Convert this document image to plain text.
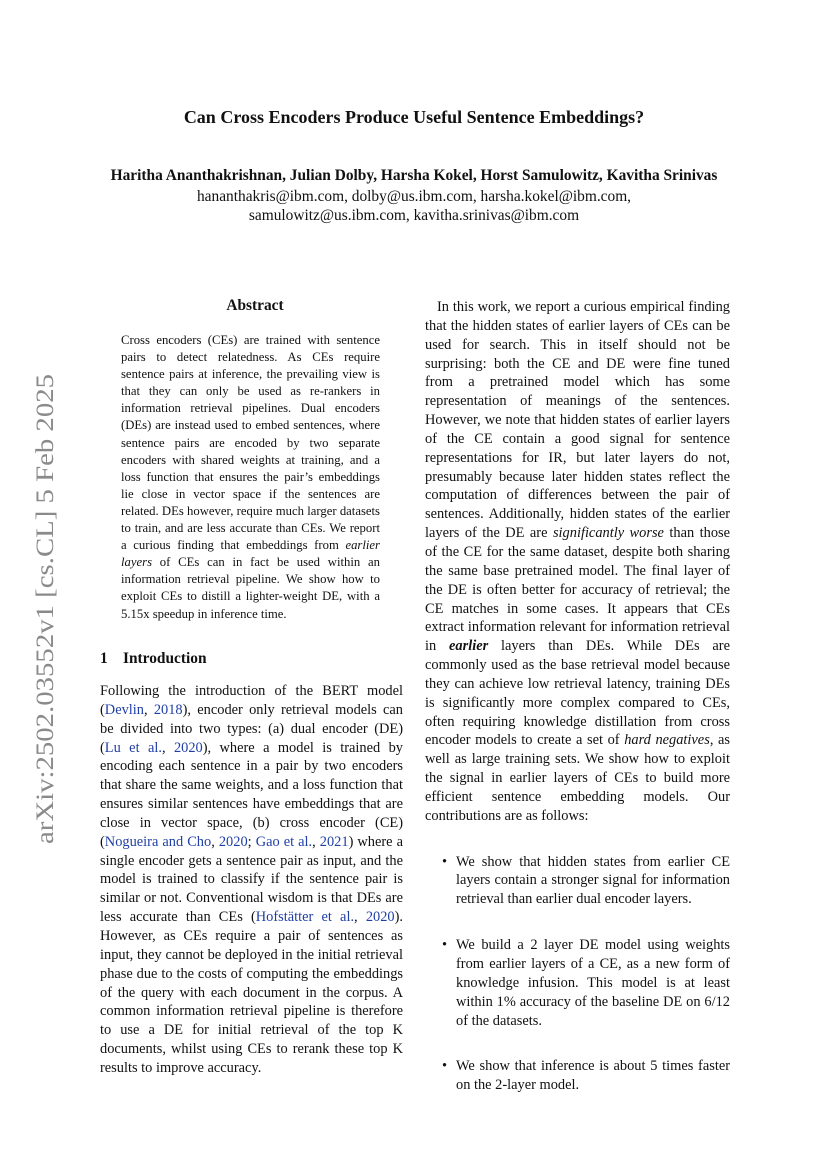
arXiv:2502.03552v1 [cs.CL] 5 Feb 2025
Can Cross Encoders Produce Useful Sentence Embeddings?
Haritha Ananthakrishnan, Julian Dolby, Harsha Kokel, Horst Samulowitz, Kavitha Srinivas
hananthakris@ibm.com, dolby@us.ibm.com, harsha.kokel@ibm.com,
samulowitz@us.ibm.com, kavitha.srinivas@ibm.com
Abstract
Cross encoders (CEs) are trained with sentence pairs to detect relatedness. As CEs require sentence pairs at inference, the prevailing view is that they can only be used as re-rankers in information retrieval pipelines. Dual encoders (DEs) are instead used to embed sentences, where sentence pairs are encoded by two separate encoders with shared weights at training, and a loss function that ensures the pair’s embeddings lie close in vector space if the sentences are related. DEs however, require much larger datasets to train, and are less accurate than CEs. We report a curious finding that embeddings from earlier layers of CEs can in fact be used within an information retrieval pipeline. We show how to exploit CEs to distill a lighter-weight DE, with a 5.15x speedup in inference time.
1 Introduction
Following the introduction of the BERT model (Devlin, 2018), encoder only retrieval models can be divided into two types: (a) dual encoder (DE) (Lu et al., 2020), where a model is trained by encoding each sentence in a pair by two encoders that share the same weights, and a loss function that ensures similar sentences have embeddings that are close in vector space, (b) cross encoder (CE) (Nogueira and Cho, 2020; Gao et al., 2021) where a single encoder gets a sentence pair as input, and the model is trained to classify if the sentence pair is similar or not. Conventional wisdom is that DEs are less accurate than CEs (Hofstätter et al., 2020). However, as CEs require a pair of sentences as input, they cannot be deployed in the initial retrieval phase due to the costs of computing the embeddings of the query with each document in the corpus. A common information retrieval pipeline is therefore to use a DE for initial retrieval of the top K documents, whilst using CEs to rerank these top K results to improve accuracy.

In this work, we report a curious empirical finding that the hidden states of earlier layers of CEs can be used for search. This in itself should not be surprising: both the CE and DE were fine tuned from a pretrained model which has some representation of meanings of the sentences. However, we note that hidden states of earlier layers of the CE contain a good signal for sentence representations for IR, but later layers do not, presumably because later hidden states reflect the computation of differences between the pair of sentences. Additionally, hidden states of the earlier layers of the DE are significantly worse than those of the CE for the same dataset, despite both sharing the same base pretrained model. The final layer of the DE is often better for accuracy of retrieval; the CE matches in some cases. It appears that CEs extract information relevant for information retrieval in earlier layers than DEs. While DEs are commonly used as the base retrieval model because they can achieve low retrieval latency, training DEs is significantly more complex compared to CEs, often requiring knowledge distillation from cross encoder models to create a set of hard negatives, as well as large training sets. We show how to exploit the signal in earlier layers of CEs to build more efficient sentence embedding models. Our contributions are as follows:

• We show that hidden states from earlier CE layers contain a stronger signal for information retrieval than earlier dual encoder layers.
• We build a 2 layer DE model using weights from earlier layers of a CE, as a new form of knowledge infusion. This model is at least within 1% accuracy of the baseline DE on 6/12 of the datasets.
• We show that inference is about 5 times faster on the 2-layer model.
